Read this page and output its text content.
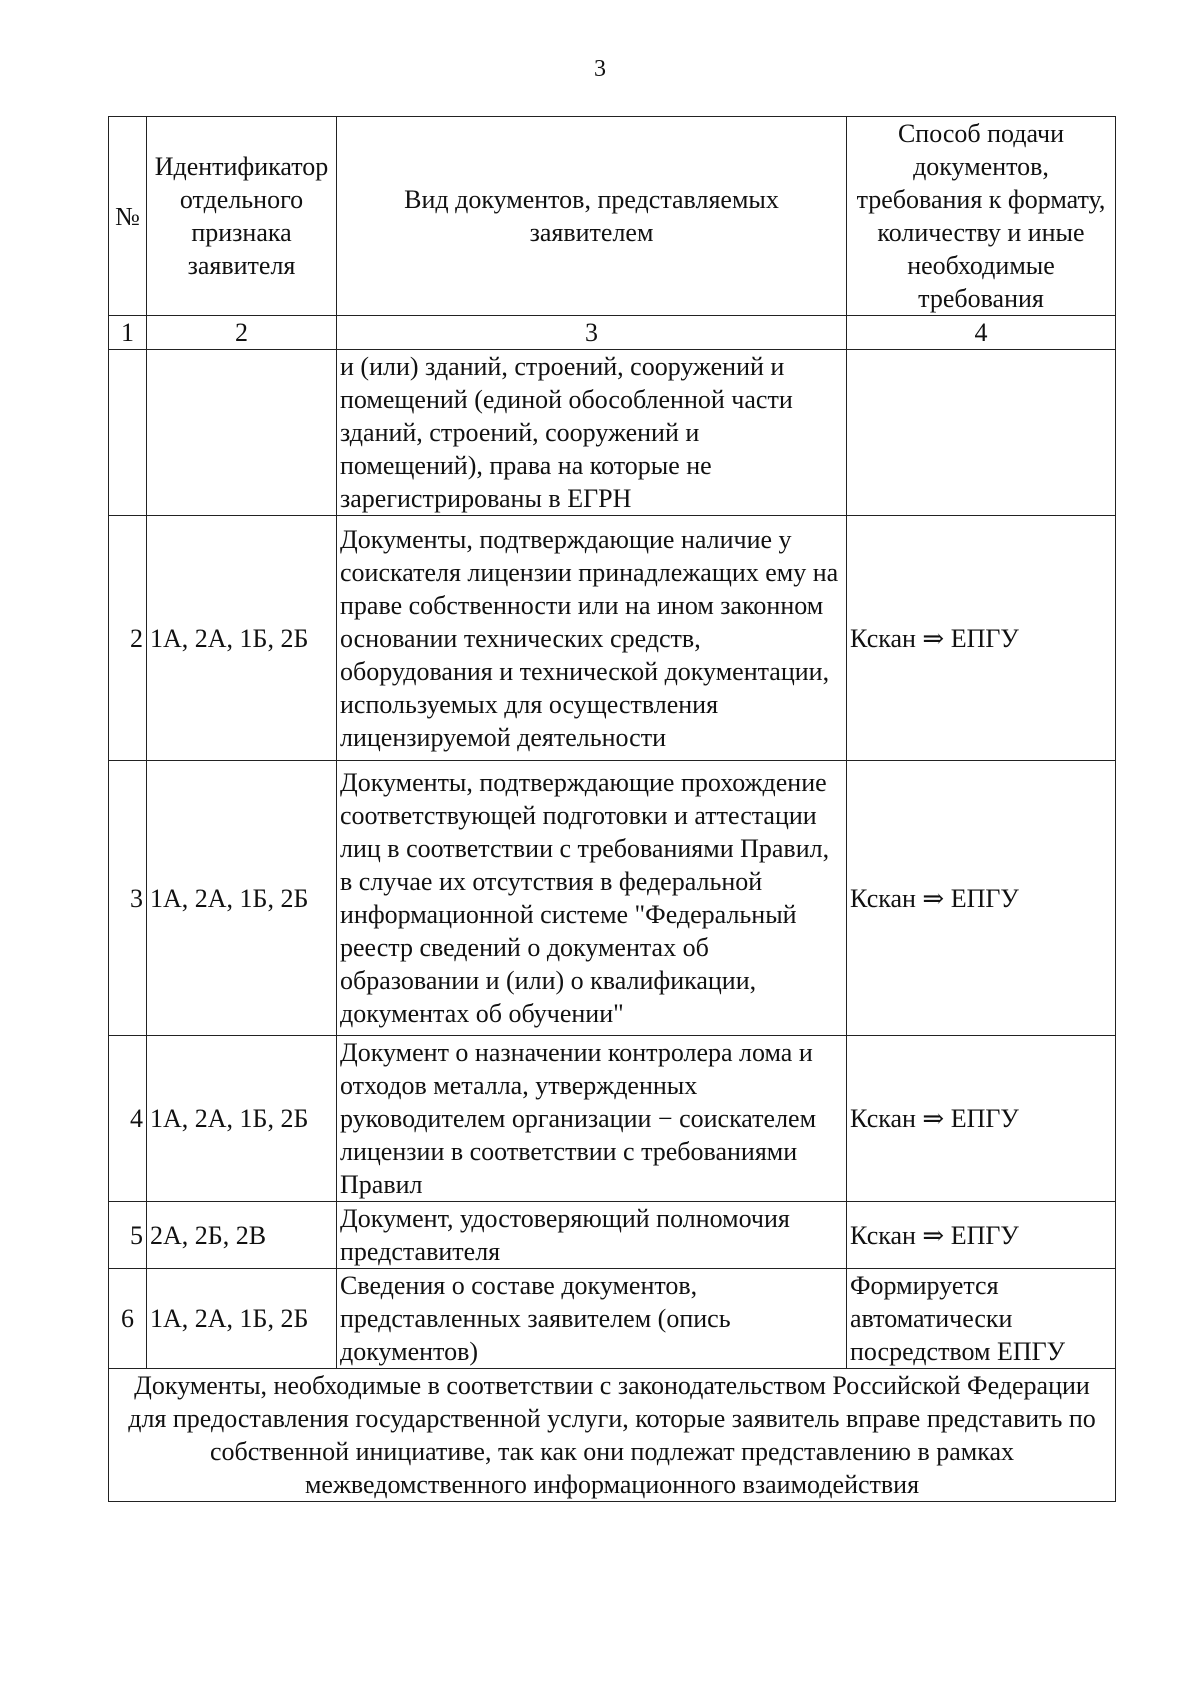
3
№	Идентификатор отдельного признака заявителя	Вид документов, представляемых заявителем	Способ подачи документов, требования к формату, количеству и иные необходимые требования
1	2	3	4
		и (или) зданий, строений, сооружений и помещений (единой обособленной части зданий, строений, сооружений и помещений), права на которые не зарегистрированы в ЕГРН	
2	1А, 2А, 1Б, 2Б	Документы, подтверждающие наличие у соискателя лицензии принадлежащих ему на праве собственности или на ином законном основании технических средств, оборудования и технической документации, используемых для осуществления лицензируемой деятельности	Кскан ⇒ ЕПГУ
3	1А, 2А, 1Б, 2Б	Документы, подтверждающие прохождение соответствующей подготовки и аттестации лиц в соответствии с требованиями Правил, в случае их отсутствия в федеральной информационной системе "Федеральный реестр сведений о документах об образовании и (или) о квалификации, документах об обучении"	Кскан ⇒ ЕПГУ
4	1А, 2А, 1Б, 2Б	Документ о назначении контролера лома и отходов металла, утвержденных руководителем организации − соискателем лицензии в соответствии с требованиями Правил	Кскан ⇒ ЕПГУ
5	2А, 2Б, 2В	Документ, удостоверяющий полномочия представителя	Кскан ⇒ ЕПГУ
6	1А, 2А, 1Б, 2Б	Сведения о составе документов, представленных заявителем (опись документов)	Формируется автоматически посредством ЕПГУ
Документы, необходимые в соответствии с законодательством Российской Федерации для предоставления государственной услуги, которые заявитель вправе представить по собственной инициативе, так как они подлежат представлению в рамках межведомственного информационного взаимодействия			
